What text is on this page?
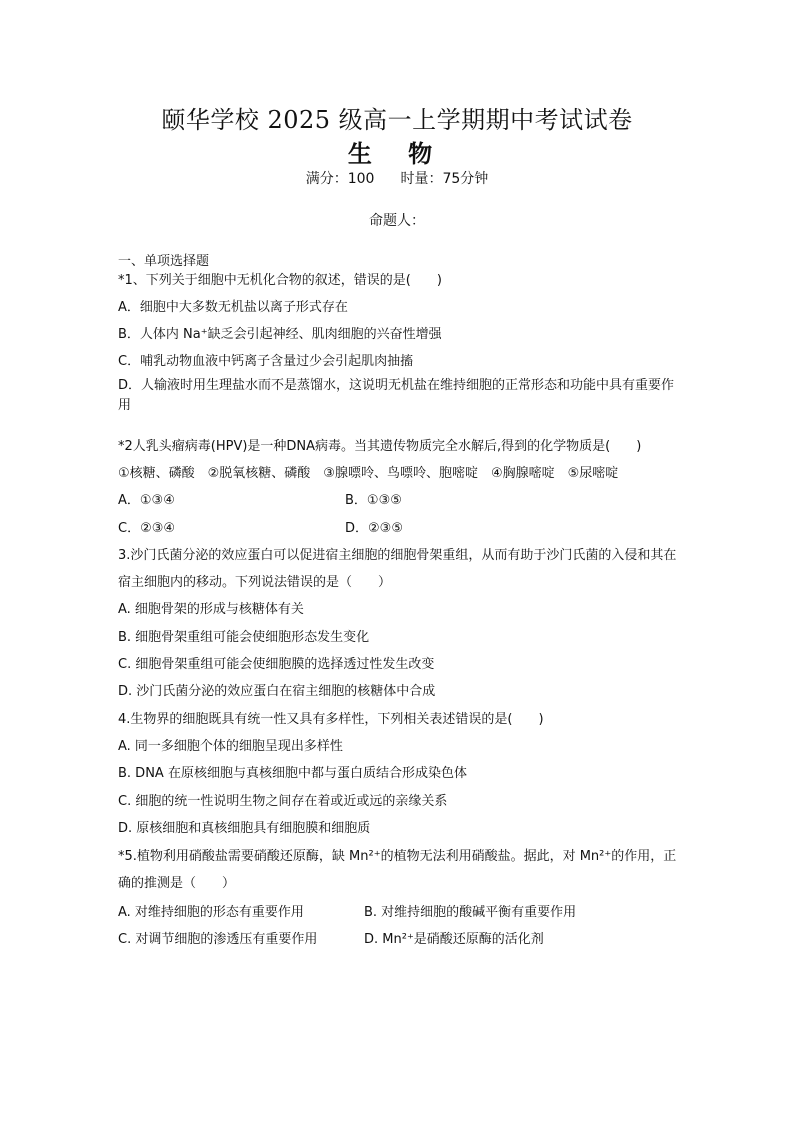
颐华学校 2025 级高一上学期期中考试试卷
生 物
满分：100 时量：75分钟
命题人：
一、单项选择题
*1、下列关于细胞中无机化合物的叙述，错误的是(　　)
A．细胞中大多数无机盐以离子形式存在
B．人体内 Na⁺缺乏会引起神经、肌肉细胞的兴奋性增强
C．哺乳动物血液中钙离子含量过少会引起肌肉抽搐
D．人输液时用生理盐水而不是蒸馏水，这说明无机盐在维持细胞的正常形态和功能中具有重要作用
*2人乳头瘤病毒(HPV)是一种DNA病毒。当其遗传物质完全水解后,得到的化学物质是(　　)
①核糖、磷酸　②脱氧核糖、磷酸　③腺嘌呤、鸟嘌呤、胞嘧啶　④胸腺嘧啶　⑤尿嘧啶
A．①③④	B．①③⑤
C．②③④	D．②③⑤
3.沙门氏菌分泌的效应蛋白可以促进宿主细胞的细胞骨架重组，从而有助于沙门氏菌的入侵和其在宿主细胞内的移动。下列说法错误的是（　　）
A. 细胞骨架的形成与核糖体有关
B. 细胞骨架重组可能会使细胞形态发生变化
C. 细胞骨架重组可能会使细胞膜的选择透过性发生改变
D. 沙门氏菌分泌的效应蛋白在宿主细胞的核糖体中合成
4.生物界的细胞既具有统一性又具有多样性，下列相关表述错误的是(　　)
A. 同一多细胞个体的细胞呈现出多样性
B. DNA 在原核细胞与真核细胞中都与蛋白质结合形成染色体
C. 细胞的统一性说明生物之间存在着或近或远的亲缘关系
D. 原核细胞和真核细胞具有细胞膜和细胞质
*5.植物利用硝酸盐需要硝酸还原酶，缺 Mn²⁺的植物无法利用硝酸盐。据此，对 Mn²⁺的作用，正确的推测是（　　）
A. 对维持细胞的形态有重要作用	B. 对维持细胞的酸碱平衡有重要作用
C. 对调节细胞的渗透压有重要作用	D. Mn²⁺是硝酸还原酶的活化剂
